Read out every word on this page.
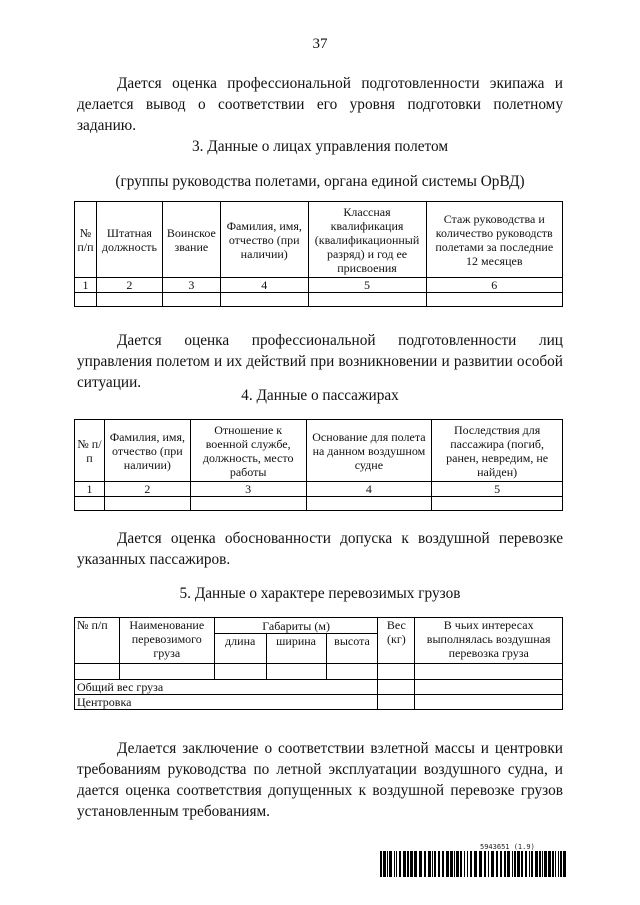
37

Дается оценка профессиональной подготовленности экипажа и делается вывод о соответствии его уровня подготовки полетному заданию.

3. Данные о лицах управления полетом
(группы руководства полетами, органа единой системы ОрВД)
№ п/п	Штатная должность	Воинское звание	Фамилия, имя, отчество (при наличии)	Классная квалификация (квалификационный разряд) и год ее присвоения	Стаж руководства и количество руководств полетами за последние 12 месяцев
1	2	3	4	5	6

Дается оценка профессиональной подготовленности лиц управления полетом и их действий при возникновении и развитии особой ситуации.

4. Данные о пассажирах
№ п/п	Фамилия, имя, отчество (при наличии)	Отношение к военной службе, должность, место работы	Основание для полета на данном воздушном судне	Последствия для пассажира (погиб, ранен, невредим, не найден)
1	2	3	4	5

Дается оценка обоснованности допуска к воздушной перевозке указанных пассажиров.

5. Данные о характере перевозимых грузов
№ п/п	Наименование перевозимого груза	Габариты (м)			Вес (кг)	В чьих интересах выполнялась воздушная перевозка груза
		длина	ширина	высота		

Общий вес груза						
Центровка						

Делается заключение о соответствии взлетной массы и центровки требованиям руководства по летной эксплуатации воздушного судна, и дается оценка соответствия допущенных к воздушной перевозке грузов установленным требованиям.

5943651 (1.9)
